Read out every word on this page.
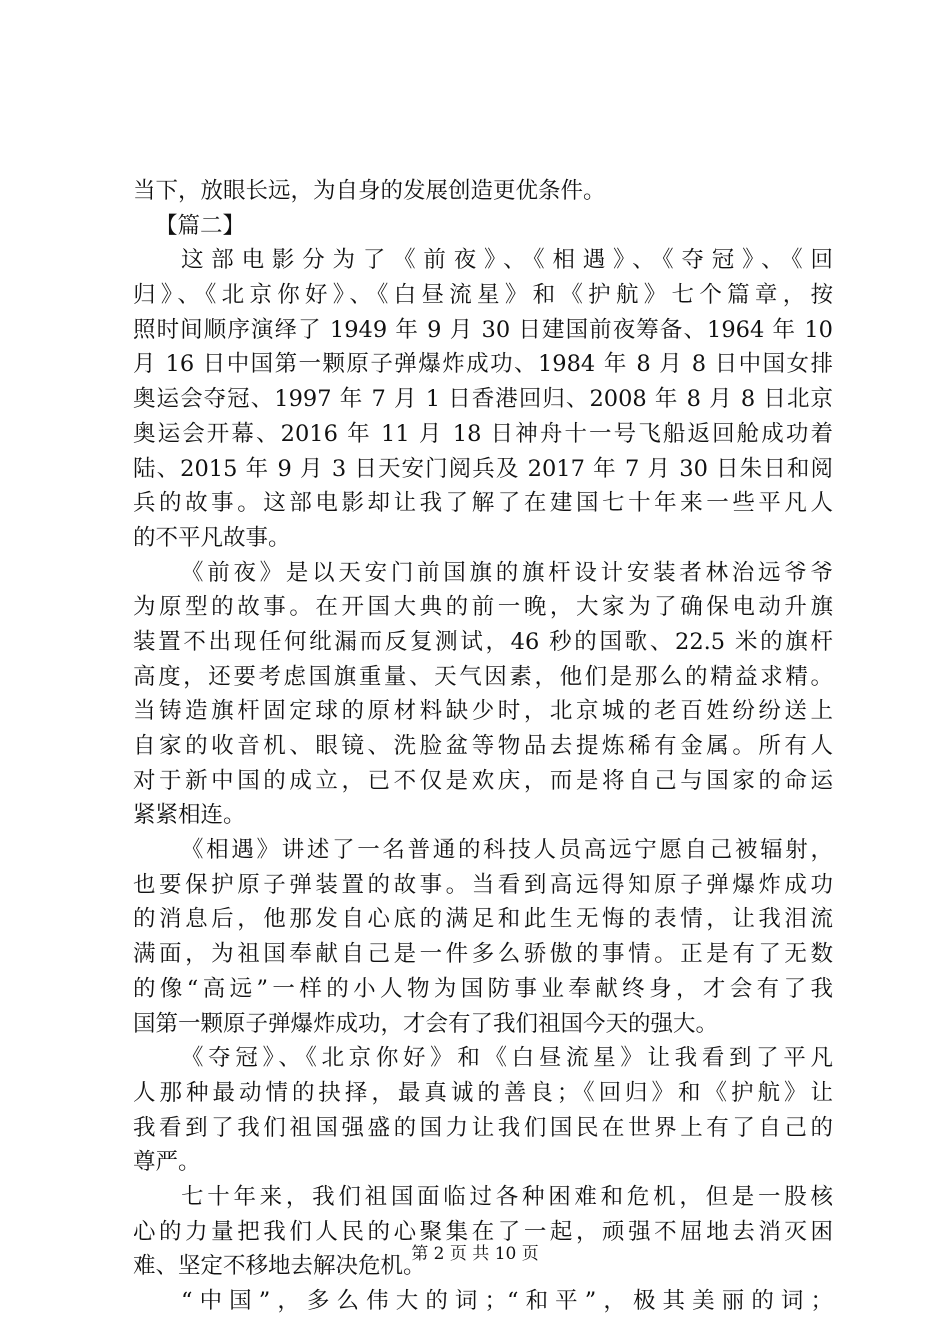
当下，放眼长远，为自身的发展创造更优条件。
【篇二】
这部电影分为了《前夜》、《相遇》、《夺冠》、《回
归》、《北京你好》、《白昼流星》和《护航》七个篇章，按
照时间顺序演绎了 1949 年 9 月 30 日建国前夜筹备、1964 年 10
月 16 日中国第一颗原子弹爆炸成功、1984 年 8 月 8 日中国女排
奥运会夺冠、1997 年 7 月 1 日香港回归、2008 年 8 月 8 日北京
奥运会开幕、2016 年 11 月 18 日神舟十一号飞船返回舱成功着
陆、2015 年 9 月 3 日天安门阅兵及 2017 年 7 月 30 日朱日和阅
兵的故事。这部电影却让我了解了在建国七十年来一些平凡人
的不平凡故事。
《前夜》是以天安门前国旗的旗杆设计安装者林治远爷爷
为原型的故事。在开国大典的前一晚，大家为了确保电动升旗
装置不出现任何纰漏而反复测试，46 秒的国歌、22.5 米的旗杆
高度，还要考虑国旗重量、天气因素，他们是那么的精益求精。
当铸造旗杆固定球的原材料缺少时，北京城的老百姓纷纷送上
自家的收音机、眼镜、洗脸盆等物品去提炼稀有金属。所有人
对于新中国的成立，已不仅是欢庆，而是将自己与国家的命运
紧紧相连。
《相遇》讲述了一名普通的科技人员高远宁愿自己被辐射，
也要保护原子弹装置的故事。当看到高远得知原子弹爆炸成功
的消息后，他那发自心底的满足和此生无悔的表情，让我泪流
满面，为祖国奉献自己是一件多么骄傲的事情。正是有了无数
的像“高远”一样的小人物为国防事业奉献终身，才会有了我
国第一颗原子弹爆炸成功，才会有了我们祖国今天的强大。
《夺冠》、《北京你好》和《白昼流星》让我看到了平凡
人那种最动情的抉择，最真诚的善良；《回归》和《护航》让
我看到了我们祖国强盛的国力让我们国民在世界上有了自己的
尊严。
七十年来，我们祖国面临过各种困难和危机，但是一股核
心的力量把我们人民的心聚集在了一起，顽强不屈地去消灭困
难、坚定不移地去解决危机。
“中国”，多么伟大的词；“和平”，极其美丽的词；
第 2 页 共 10 页
